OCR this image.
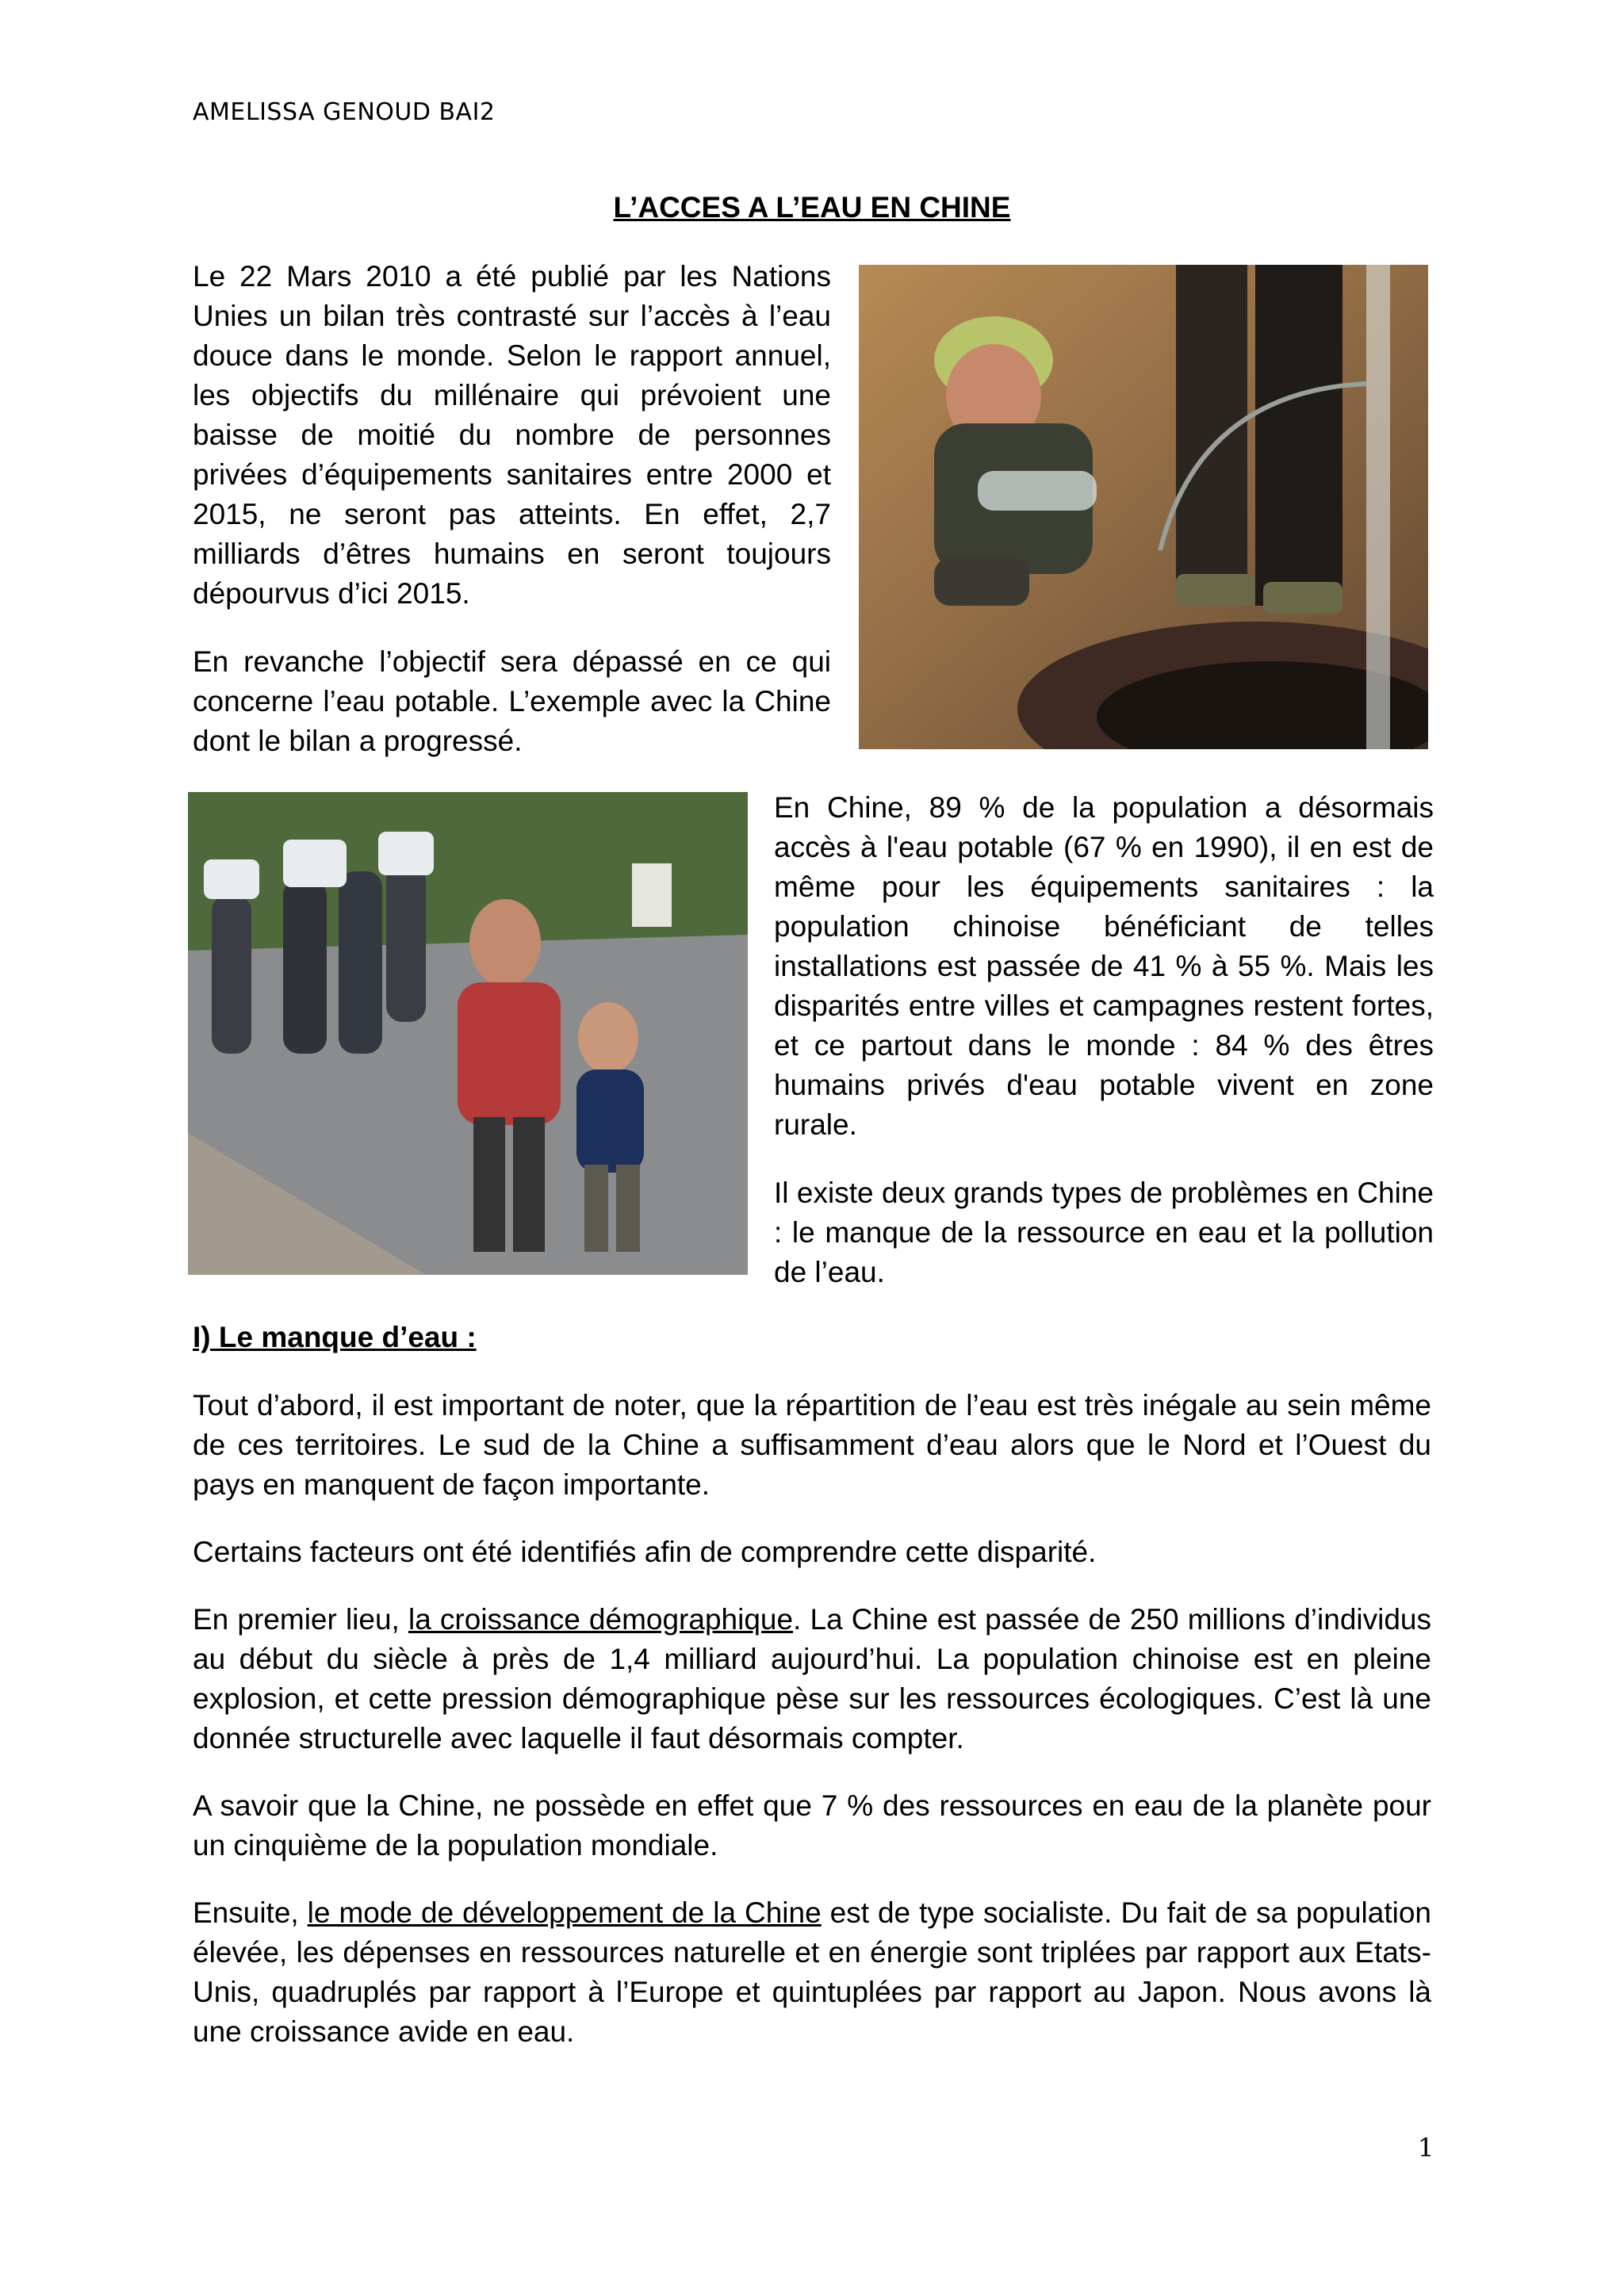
AMELISSA GENOUD BAI2
L’ACCES A L’EAU EN CHINE

Le 22 Mars 2010 a été publié par les Nations Unies un bilan très contrasté sur l’accès à l’eau douce dans le monde. Selon le rapport annuel, les objectifs du millénaire qui prévoient une baisse de moitié du nombre de personnes privées d’équipements sanitaires entre 2000 et 2015, ne seront pas atteints. En effet, 2,7 milliards d’êtres humains en seront toujours dépourvus d’ici 2015.

En revanche l’objectif sera dépassé en ce qui concerne l’eau potable. L’exemple avec la Chine dont le bilan a progressé.

En Chine, 89 % de la population a désormais accès à l'eau potable (67 % en 1990), il en est de même pour les équipements sanitaires : la population chinoise bénéficiant de telles installations est passée de 41 % à 55 %. Mais les disparités entre villes et campagnes restent fortes, et ce partout dans le monde : 84 % des êtres humains privés d'eau potable vivent en zone rurale.

Il existe deux grands types de problèmes en Chine : le manque de la ressource en eau et la pollution de l’eau.

I) Le manque d’eau :

Tout d’abord, il est important de noter, que la répartition de l’eau est très inégale au sein même de ces territoires. Le sud de la Chine a suffisamment d’eau alors que le Nord et l’Ouest du pays en manquent de façon importante.

Certains facteurs ont été identifiés afin de comprendre cette disparité.

En premier lieu, la croissance démographique. La Chine est passée de 250 millions d’individus au début du siècle à près de 1,4 milliard aujourd’hui. La population chinoise est en pleine explosion, et cette pression démographique pèse sur les ressources écologiques. C’est là une donnée structurelle avec laquelle il faut désormais compter.

A savoir que la Chine, ne possède en effet que 7 % des ressources en eau de la planète pour un cinquième de la population mondiale.

Ensuite, le mode de développement de la Chine est de type socialiste. Du fait de sa population élevée, les dépenses en ressources naturelle et en énergie sont triplées par rapport aux Etats-Unis, quadruplés par rapport à l’Europe et quintuplées par rapport au Japon. Nous avons là une croissance avide en eau.

1
